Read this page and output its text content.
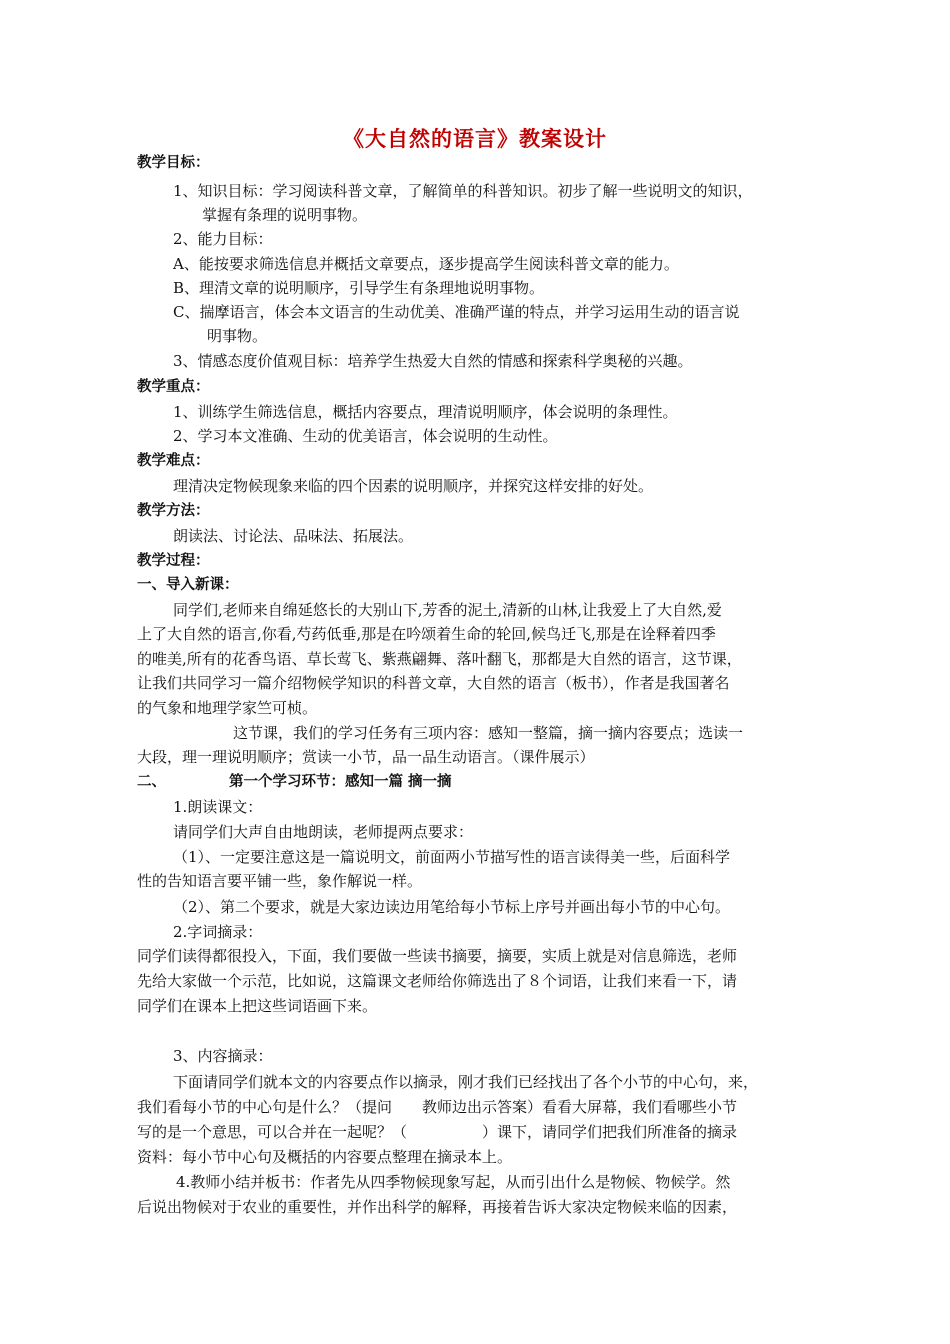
《大自然的语言》教案设计
教学目标：
1、知识目标：学习阅读科普文章，了解简单的科普知识。初步了解一些说明文的知识，
掌握有条理的说明事物。
2、能力目标：
A、能按要求筛选信息并概括文章要点，逐步提高学生阅读科普文章的能力。
B、理清文章的说明顺序，引导学生有条理地说明事物。
C、揣摩语言，体会本文语言的生动优美、准确严谨的特点，并学习运用生动的语言说
明事物。
3、情感态度价值观目标：培养学生热爱大自然的情感和探索科学奥秘的兴趣。
教学重点：
1、训练学生筛选信息，概括内容要点，理清说明顺序，体会说明的条理性。
2、学习本文准确、生动的优美语言，体会说明的生动性。
教学难点：
理清决定物候现象来临的四个因素的说明顺序，并探究这样安排的好处。
教学方法：
朗读法、讨论法、品味法、拓展法。
教学过程：
一、导入新课：
同学们,老师来自绵延悠长的大别山下,芳香的泥土,清新的山林,让我爱上了大自然,爱
上了大自然的语言,你看,芍药低垂,那是在吟颂着生命的轮回,候鸟迁飞,那是在诠释着四季
的唯美,所有的花香鸟语、草长莺飞、紫燕翩舞、落叶翻飞，那都是大自然的语言，这节课，
让我们共同学习一篇介绍物候学知识的科普文章，大自然的语言（板书），作者是我国著名
的气象和地理学家竺可桢。
这节课，我们的学习任务有三项内容：感知一整篇，摘一摘内容要点；选读一
大段，理一理说明顺序；赏读一小节，品一品生动语言。（课件展示）
二、	第一个学习环节：感知一篇 摘一摘
1.朗读课文：
请同学们大声自由地朗读，老师提两点要求：
（1）、一定要注意这是一篇说明文，前面两小节描写性的语言读得美一些，后面科学
性的告知语言要平铺一些，象作解说一样。
（2）、第二个要求，就是大家边读边用笔给每小节标上序号并画出每小节的中心句。
2.字词摘录：
同学们读得都很投入，下面，我们要做一些读书摘要，摘要，实质上就是对信息筛选，老师
先给大家做一个示范，比如说，这篇课文老师给你筛选出了８个词语，让我们来看一下，请
同学们在课本上把这些词语画下来。
3、内容摘录：
下面请同学们就本文的内容要点作以摘录，刚才我们已经找出了各个小节的中心句，来，
我们看每小节的中心句是什么？（提问　　教师边出示答案）看看大屏幕，我们看哪些小节
写的是一个意思，可以合并在一起呢？（　　　　　）课下，请同学们把我们所准备的摘录
资料：每小节中心句及概括的内容要点整理在摘录本上。
4.教师小结并板书：作者先从四季物候现象写起，从而引出什么是物候、物候学。然
后说出物候对于农业的重要性，并作出科学的解释，再接着告诉大家决定物候来临的因素，
